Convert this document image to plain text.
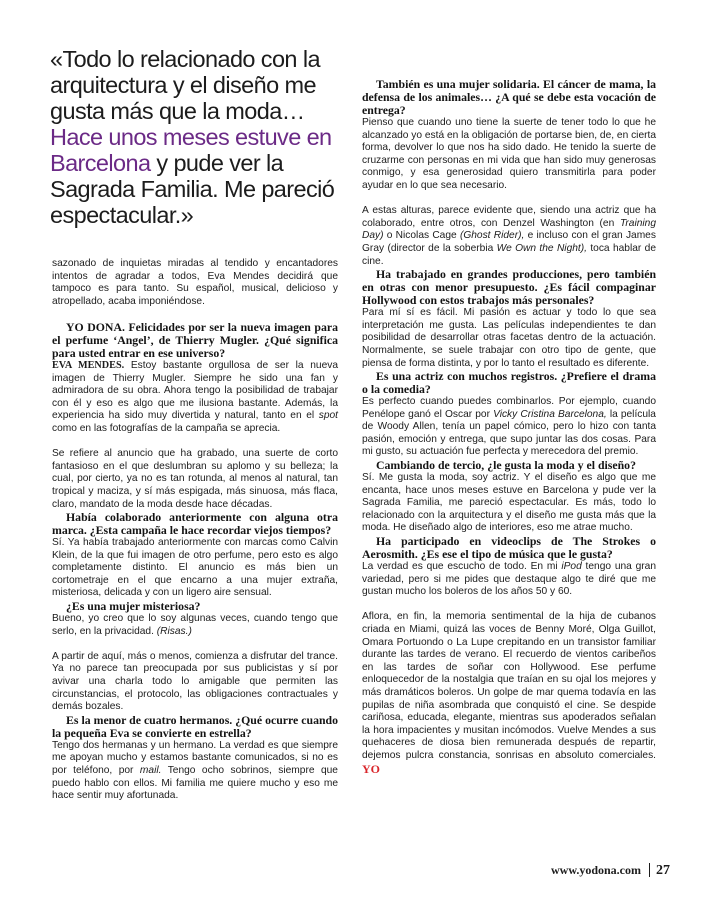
«Todo lo relacionado con la arquitectura y el diseño me gusta más que la moda… Hace unos meses estuve en Barcelona y pude ver la Sagrada Familia. Me pareció espectacular.»

sazonado de inquietas miradas al tendido y encantadores intentos de agradar a todos, Eva Mendes decidirá que tampoco es para tanto. Su español, musical, delicioso y atropellado, acaba imponiéndose.

YO DONA. Felicidades por ser la nueva imagen para el perfume ‘Angel’, de Thierry Mugler. ¿Qué significa para usted entrar en ese universo?

EVA MENDES. Estoy bastante orgullosa de ser la nueva imagen de Thierry Mugler. Siempre he sido una fan y admiradora de su obra. Ahora tengo la posibilidad de trabajar con él y eso es algo que me ilusiona bastante. Además, la experiencia ha sido muy divertida y natural, tanto en el spot como en las fotografías de la campaña se aprecia.

Se refiere al anuncio que ha grabado, una suerte de corto fantasioso en el que deslumbran su aplomo y su belleza; la cual, por cierto, ya no es tan rotunda, al menos al natural, tan tropical y maciza, y sí más espigada, más sinuosa, más flaca, claro, mandato de la moda desde hace décadas.

Había colaborado anteriormente con alguna otra marca. ¿Esta campaña le hace recordar viejos tiempos?

Sí. Ya había trabajado anteriormente con marcas como Calvin Klein, de la que fui imagen de otro perfume, pero esto es algo completamente distinto. El anuncio es más bien un cortometraje en el que encarno a una mujer extraña, misteriosa, delicada y con un ligero aire sensual.

¿Es una mujer misteriosa?

Bueno, yo creo que lo soy algunas veces, cuando tengo que serlo, en la privacidad. (Risas.)

A partir de aquí, más o menos, comienza a disfrutar del trance. Ya no parece tan preocupada por sus publicistas y sí por avivar una charla todo lo amigable que permiten las circunstancias, el protocolo, las obligaciones contractuales y demás bozales.

Es la menor de cuatro hermanos. ¿Qué ocurre cuando la pequeña Eva se convierte en estrella?

Tengo dos hermanas y un hermano. La verdad es que siempre me apoyan mucho y estamos bastante comunicados, si no es por teléfono, por mail. Tengo ocho sobrinos, siempre que puedo hablo con ellos. Mi familia me quiere mucho y eso me hace sentir muy afortunada.

También es una mujer solidaria. El cáncer de mama, la defensa de los animales… ¿A qué se debe esta vocación de entrega?

Pienso que cuando uno tiene la suerte de tener todo lo que he alcanzado yo está en la obligación de portarse bien, de, en cierta forma, devolver lo que nos ha sido dado. He tenido la suerte de cruzarme con personas en mi vida que han sido muy generosas conmigo, y esa generosidad quiero transmitirla para poder ayudar en lo que sea necesario.

A estas alturas, parece evidente que, siendo una actriz que ha colaborado, entre otros, con Denzel Washington (en Training Day) o Nicolas Cage (Ghost Rider), e incluso con el gran James Gray (director de la soberbia We Own the Night), toca hablar de cine.

Ha trabajado en grandes producciones, pero también en otras con menor presupuesto. ¿Es fácil compaginar Hollywood con estos trabajos más personales?

Para mí sí es fácil. Mi pasión es actuar y todo lo que sea interpretación me gusta. Las películas independientes te dan posibilidad de desarrollar otras facetas dentro de la actuación. Normalmente, se suele trabajar con otro tipo de gente, que piensa de forma distinta, y por lo tanto el resultado es diferente.

Es una actriz con muchos registros. ¿Prefiere el drama o la comedia?

Es perfecto cuando puedes combinarlos. Por ejemplo, cuando Penélope ganó el Oscar por Vicky Cristina Barcelona, la película de Woody Allen, tenía un papel cómico, pero lo hizo con tanta pasión, emoción y entrega, que supo juntar las dos cosas. Para mi gusto, su actuación fue perfecta y merecedora del premio.

Cambiando de tercio, ¿le gusta la moda y el diseño?

Sí. Me gusta la moda, soy actriz. Y el diseño es algo que me encanta, hace unos meses estuve en Barcelona y pude ver la Sagrada Familia, me pareció espectacular. Es más, todo lo relacionado con la arquitectura y el diseño me gusta más que la moda. He diseñado algo de interiores, eso me atrae mucho.

Ha participado en videoclips de The Strokes o Aerosmith. ¿Es ese el tipo de música que le gusta?

La verdad es que escucho de todo. En mi iPod tengo una gran variedad, pero si me pides que destaque algo te diré que me gustan mucho los boleros de los años 50 y 60.

Aflora, en fin, la memoria sentimental de la hija de cubanos criada en Miami, quizá las voces de Benny Moré, Olga Guillot, Omara Portuondo o La Lupe crepitando en un transistor familiar durante las tardes de verano. El recuerdo de vientos caribeños en las tardes de soñar con Hollywood. Ese perfume enloquecedor de la nostalgia que traían en su ojal los mejores y más dramáticos boleros. Un golpe de mar quema todavía en las pupilas de niña asombrada que conquistó el cine. Se despide cariñosa, educada, elegante, mientras sus apoderados señalan la hora impacientes y musitan incómodos. Vuelve Mendes a sus quehaceres de diosa bien remunerada después de repartir, dejemos pulcra constancia, sonrisas en absoluto comerciales. YO

www.yodona.com 27
